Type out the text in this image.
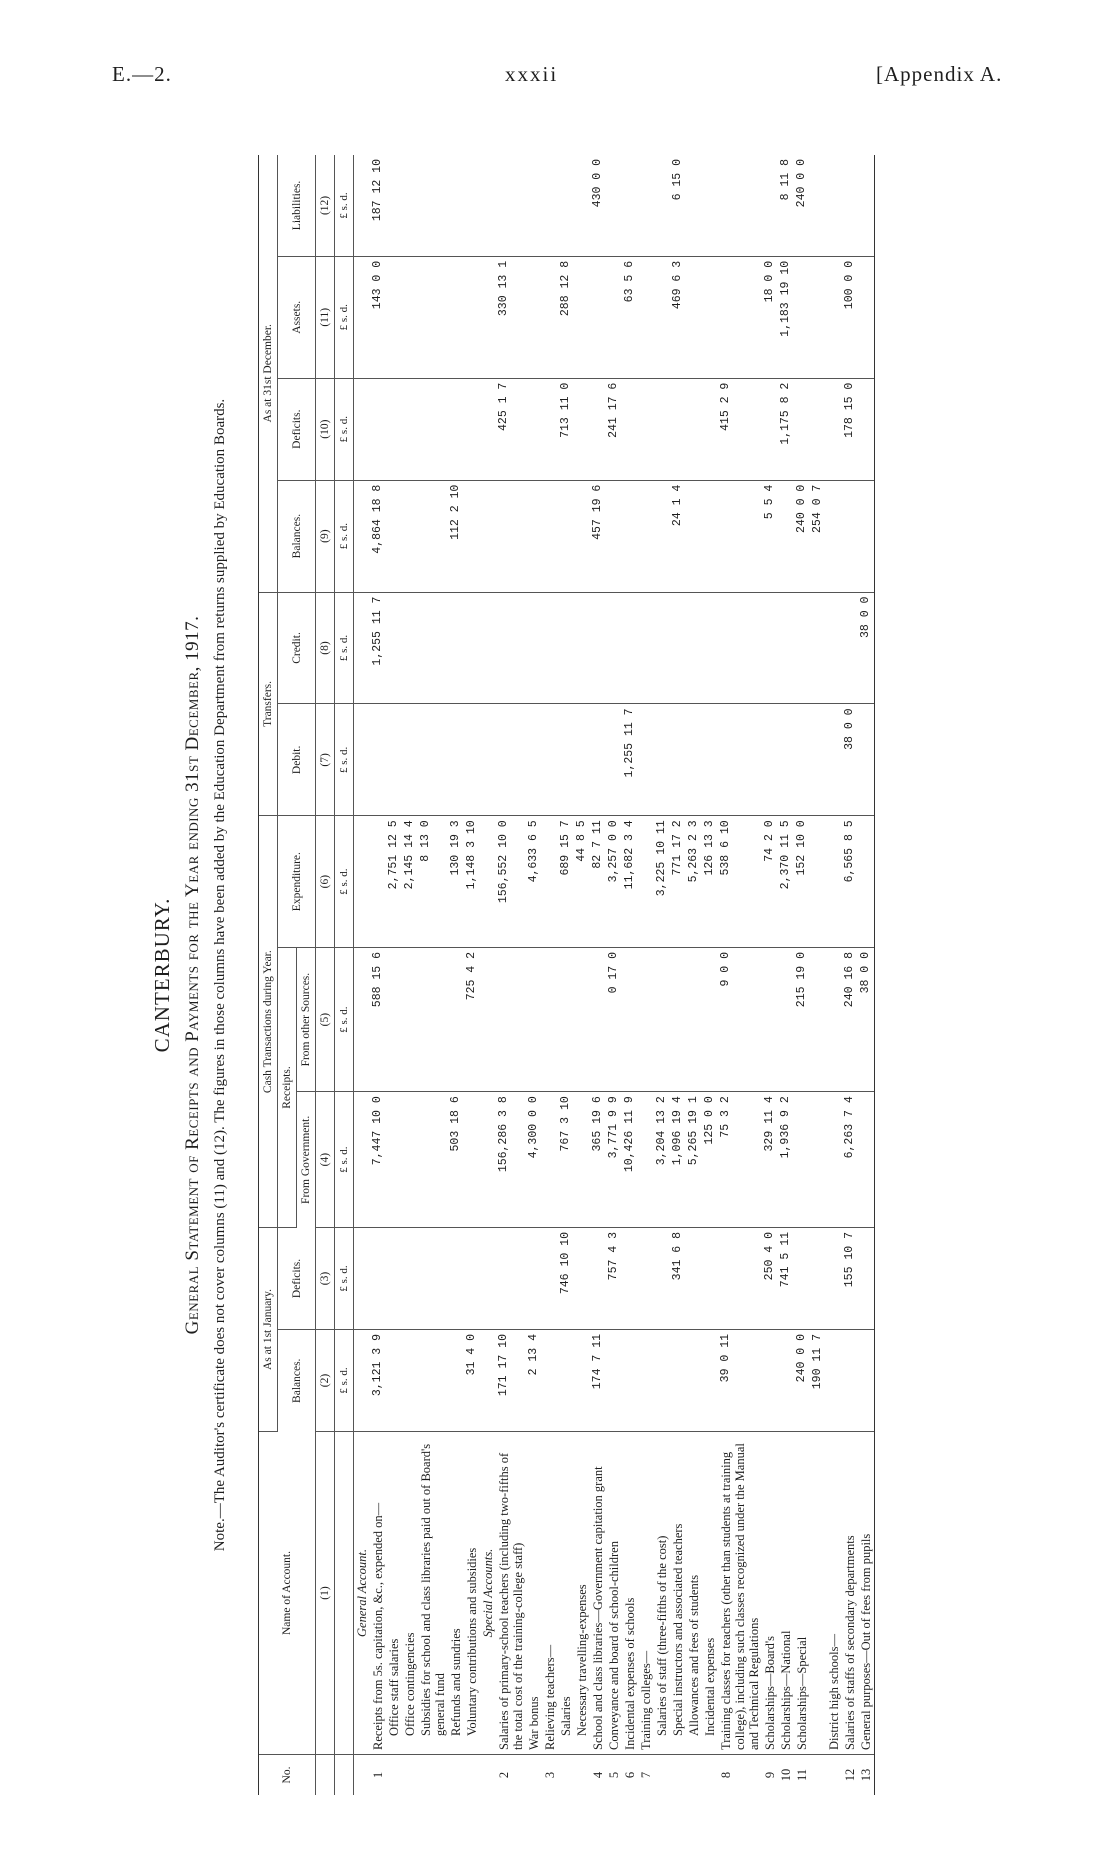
E.—2.	xxxii	[Appendix A.
CANTERBURY. General Statement of Receipts and Payments for the Year ending 31st December, 1917. Note.—The Auditor's certificate does not cover columns (11) and (12). The figures in those columns have been added by the Education Department from returns supplied by Education Boards.
No.	Name of Account.	As at 1st January.		Cash Transactions during Year.			Transfers.		As at 31st December.			
		Balances.	Deficits.	Receipts.		Expenditure.	Debit.	Credit.	Balances.	Deficits.	Assets.	Liabilities.
				From Government.	From other Sources.							
	(1)	(2)	(3)	(4)	(5)	(6)	(7)	(8)	(9)	(10)	(11)	(12)
		£ s. d.	£ s. d.	£ s. d.	£ s. d.	£ s. d.	£ s. d.	£ s. d.	£ s. d.	£ s. d.	£ s. d.	£ s. d.
	General Account.											
1	Receipts from 5s. capitation, &c., expended on—	3,121 3 9		7,447 10 0	588 15 6			1,255 11 7	4,864 18 8		143 0 0	187 12 10
	Office staff salaries					2,751 12 5						
	Office contingencies					2,145 14 4						
	Subsidies for school and class libraries paid out of Board's general fund					8 13 0						
	Refunds and sundries			503 18 6		130 19 3			112 2 10			
	Voluntary contributions and subsidies	31 4 0			725 4 2	1,148 3 10						
	Special Accounts.											
2	Salaries of primary-school teachers (including two-fifths of the total cost of the training-college staff)	171 17 10		156,286 3 8		156,552 10 0				425 1 7	330 13 1	
	War bonus	2 13 4		4,300 0 0		4,633 6 5						
3	Relieving teachers—											
	Salaries		746 10 10	767 3 10		689 15 7				713 11 0	288 12 8	
	Necessary travelling-expenses					44 8 5						
4	School and class libraries—Government capitation grant	174 7 11		365 19 6		82 7 11			457 19 6			430 0 0
5	Conveyance and board of school-children		757 4 3	3,771 9 9	0 17 0	3,257 0 0				241 17 6		
6	Incidental expenses of schools			10,426 11 9		11,682 3 4	1,255 11 7				63 5 6	
7	Training colleges—											
	Salaries of staff (three-fifths of the cost)			3,204 13 2		3,225 10 11						
	Special instructors and associated teachers		341 6 8	1,096 19 4		771 17 2			24 1 4		469 6 3	6 15 0
	Allowances and fees of students			5,265 19 1		5,263 2 3						
	Incidental expenses			125 0 0		126 13 3						
8	Training classes for teachers (other than students at training college), including such classes recognized under the Manual and Technical Regulations	39 0 11		75 3 2	9 0 0	538 6 10				415 2 9		
9	Scholarships—Board's		250 4 0	329 11 4		74 2 0			5 5 4		18 0 0	
10	Scholarships—National		741 5 11	1,936 9 2		2,370 11 5				1,175 8 2	1,183 19 10	8 11 8
11	Scholarships—Special	240 0 0			215 19 0	152 10 0			240 0 0			240 0 0
		190 11 7							254 0 7			
	District high schools—											
12	Salaries of staffs of secondary departments		155 10 7	6,263 7 4	240 16 8	6,565 8 5	38 0 0			178 15 0	100 0 0	
13	General purposes—Out of fees from pupils				38 0 0			38 0 0				
